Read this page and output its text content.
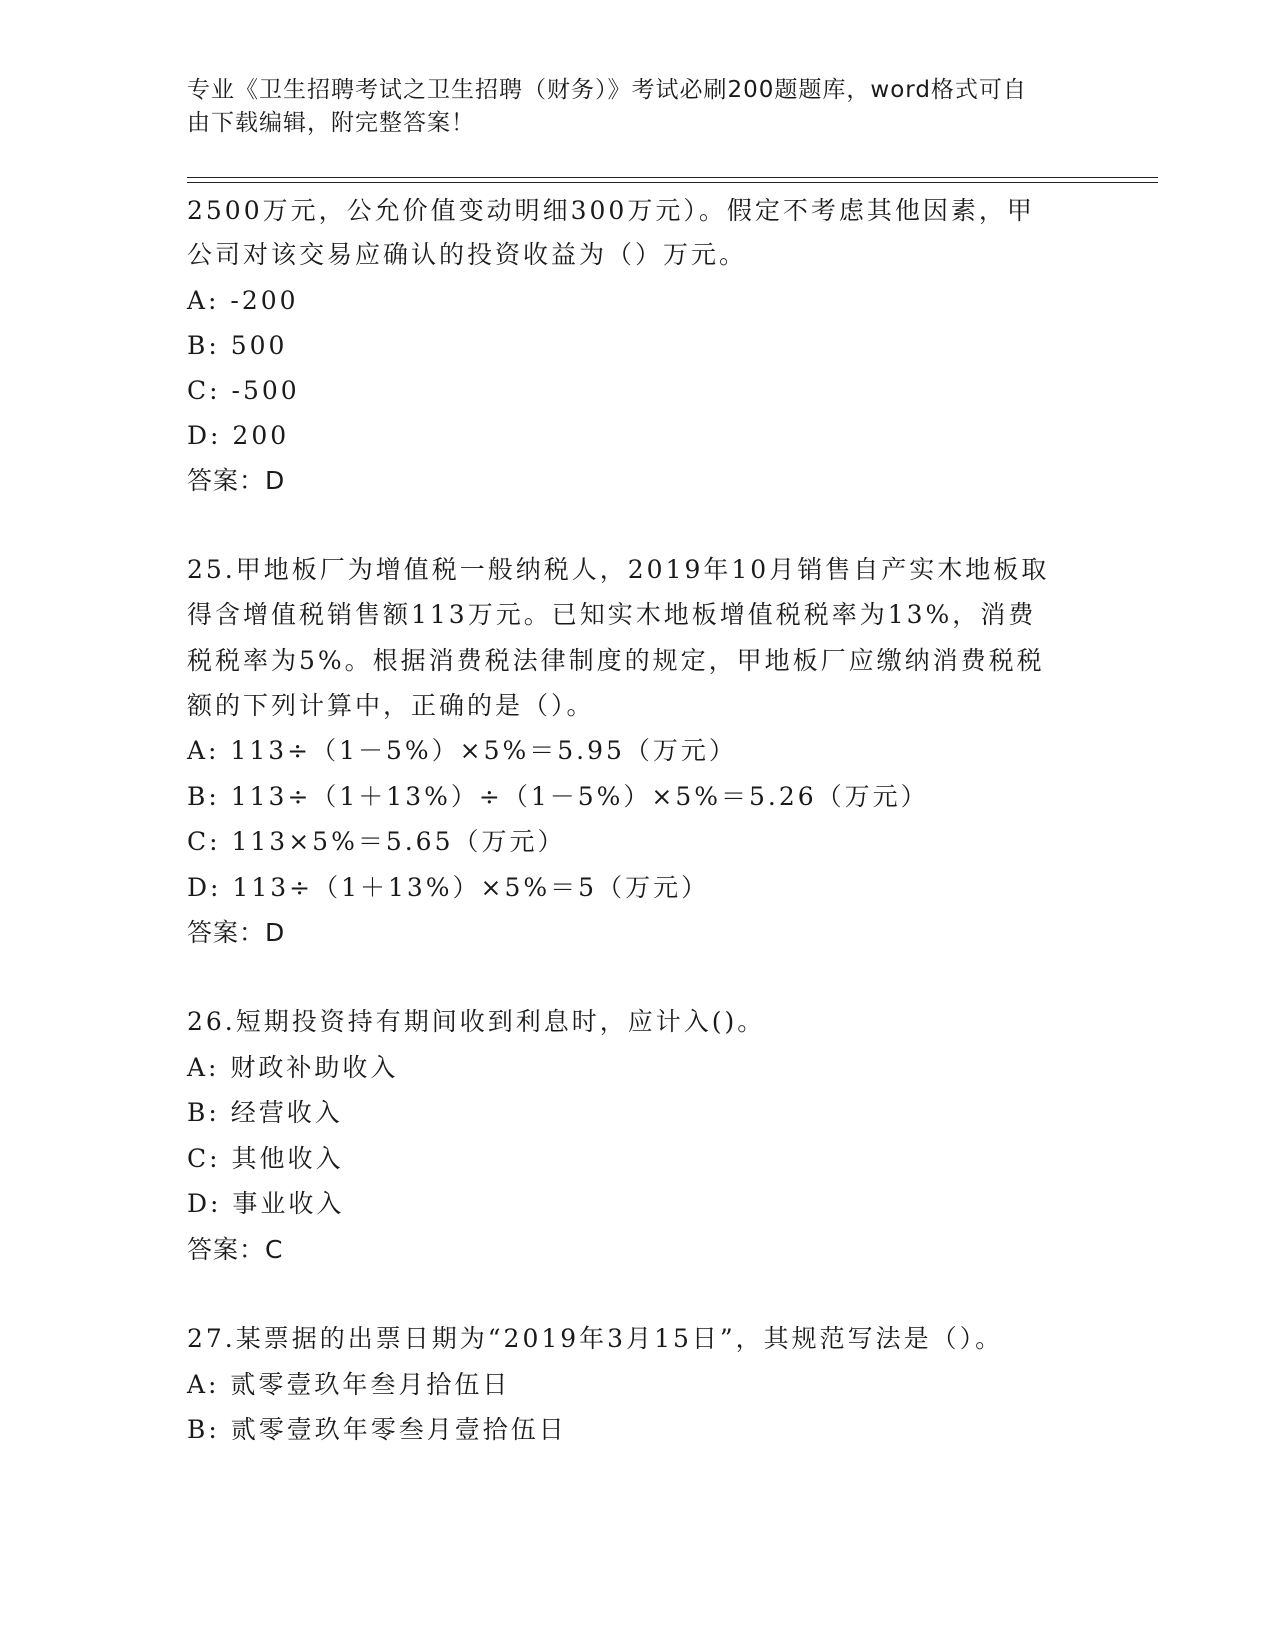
专业《卫生招聘考试之卫生招聘（财务）》考试必刷200题题库，word格式可自
由下载编辑，附完整答案！
2500万元，公允价值变动明细300万元）。假定不考虑其他因素，甲
公司对该交易应确认的投资收益为（）万元。
A: -200
B: 500
C: -500
D: 200
答案：D
25.甲地板厂为增值税一般纳税人，2019年10月销售自产实木地板取
得含增值税销售额113万元。已知实木地板增值税税率为13%，消费
税税率为5%。根据消费税法律制度的规定，甲地板厂应缴纳消费税税
额的下列计算中，正确的是（）。
A: 113÷（1－5%）×5%＝5.95（万元）
B: 113÷（1＋13%）÷（1－5%）×5%＝5.26（万元）
C: 113×5%＝5.65（万元）
D: 113÷（1＋13%）×5%＝5（万元）
答案：D
26.短期投资持有期间收到利息时，应计入()。
A: 财政补助收入
B: 经营收入
C: 其他收入
D: 事业收入
答案：C
27.某票据的出票日期为“2019年3月15日”，其规范写法是（）。
A: 贰零壹玖年叁月拾伍日
B: 贰零壹玖年零叁月壹拾伍日
